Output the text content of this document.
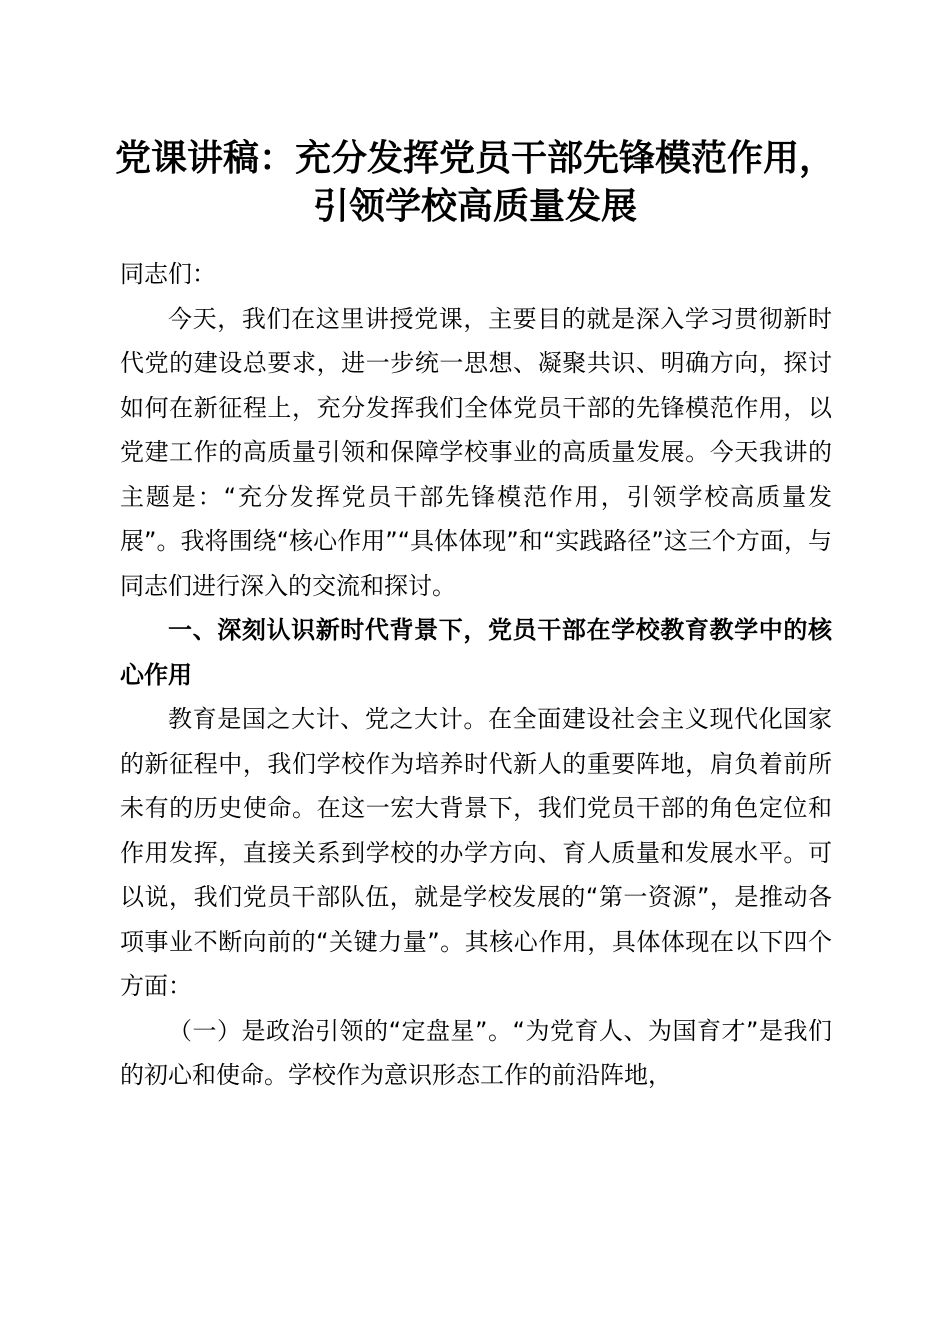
党课讲稿：充分发挥党员干部先锋模范作用，
引领学校高质量发展

同志们：

今天，我们在这里讲授党课，主要目的就是深入学习贯彻新时代党的建设总要求，进一步统一思想、凝聚共识、明确方向，探讨如何在新征程上，充分发挥我们全体党员干部的先锋模范作用，以党建工作的高质量引领和保障学校事业的高质量发展。今天我讲的主题是：“充分发挥党员干部先锋模范作用，引领学校高质量发展”。我将围绕“核心作用”“具体体现”和“实践路径”这三个方面，与同志们进行深入的交流和探讨。

一、深刻认识新时代背景下，党员干部在学校教育教学中的核心作用

教育是国之大计、党之大计。在全面建设社会主义现代化国家的新征程中，我们学校作为培养时代新人的重要阵地，肩负着前所未有的历史使命。在这一宏大背景下，我们党员干部的角色定位和作用发挥，直接关系到学校的办学方向、育人质量和发展水平。可以说，我们党员干部队伍，就是学校发展的“第一资源”，是推动各项事业不断向前的“关键力量”。其核心作用，具体体现在以下四个方面：

（一）是政治引领的“定盘星”。“为党育人、为国育才”是我们的初心和使命。学校作为意识形态工作的前沿阵地，
